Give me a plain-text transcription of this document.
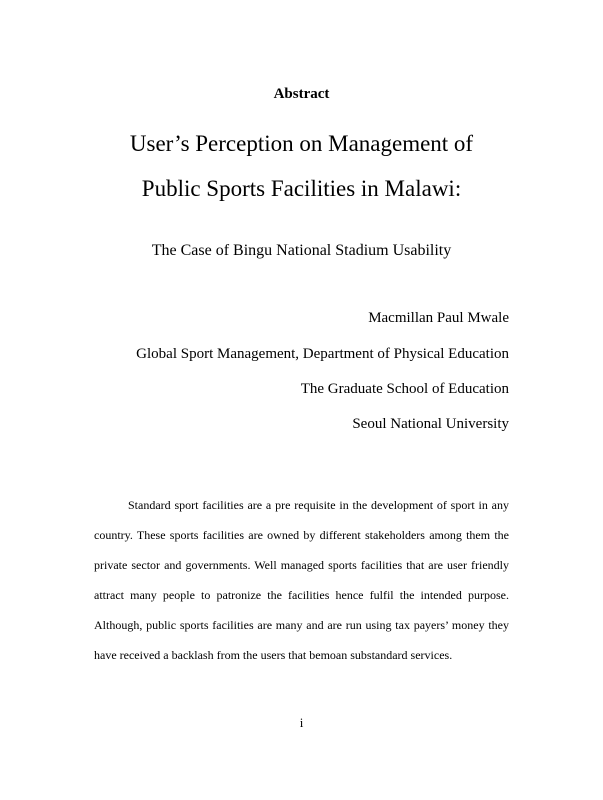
Abstract
User’s Perception on Management of
Public Sports Facilities in Malawi:
The Case of Bingu National Stadium Usability
Macmillan Paul Mwale
Global Sport Management, Department of Physical Education
The Graduate School of Education
Seoul National University

Standard sport facilities are a pre requisite in the development of sport in any country. These sports facilities are owned by different stakeholders among them the private sector and governments. Well managed sports facilities that are user friendly attract many people to patronize the facilities hence fulfil the intended purpose. Although, public sports facilities are many and are run using tax payers’ money they have received a backlash from the users that bemoan substandard services.

i
